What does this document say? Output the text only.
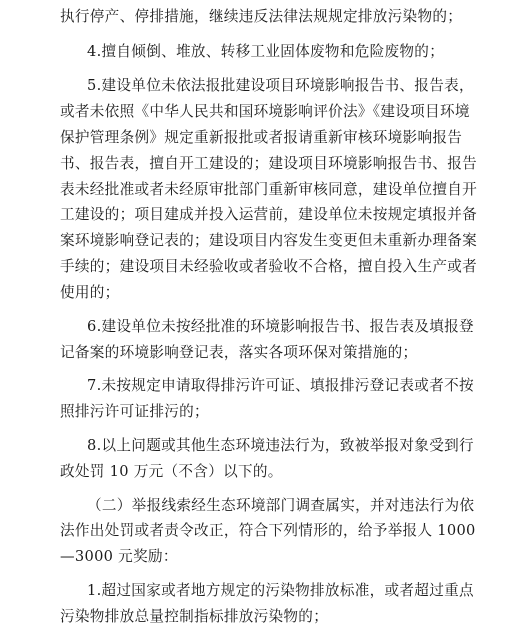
执行停产、停排措施，继续违反法律法规规定排放污染物的；
4.擅自倾倒、堆放、转移工业固体废物和危险废物的；
5.建设单位未依法报批建设项目环境影响报告书、报告表，
或者未依照《中华人民共和国环境影响评价法》《建设项目环境
保护管理条例》规定重新报批或者报请重新审核环境影响报告
书、报告表，擅自开工建设的；建设项目环境影响报告书、报告
表未经批准或者未经原审批部门重新审核同意，建设单位擅自开
工建设的；项目建成并投入运营前，建设单位未按规定填报并备
案环境影响登记表的；建设项目内容发生变更但未重新办理备案
手续的；建设项目未经验收或者验收不合格，擅自投入生产或者
使用的；
6.建设单位未按经批准的环境影响报告书、报告表及填报登
记备案的环境影响登记表，落实各项环保对策措施的；
7.未按规定申请取得排污许可证、填报排污登记表或者不按
照排污许可证排污的；
8.以上问题或其他生态环境违法行为，致被举报对象受到行
政处罚 10 万元（不含）以下的。
（二）举报线索经生态环境部门调查属实，并对违法行为依
法作出处罚或者责令改正，符合下列情形的，给予举报人 1000
—3000 元奖励：
1.超过国家或者地方规定的污染物排放标准，或者超过重点
污染物排放总量控制指标排放污染物的；
